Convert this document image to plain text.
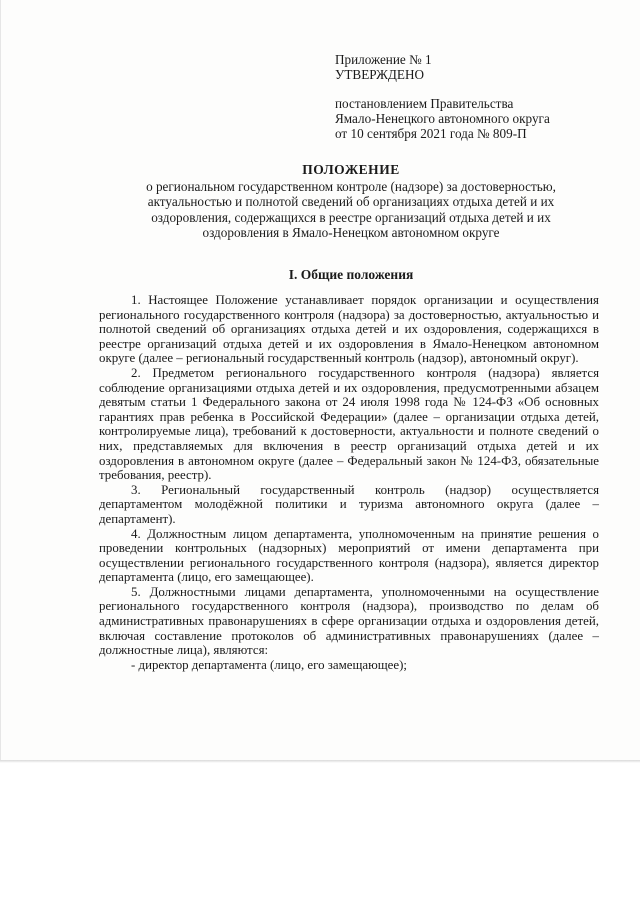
Приложение № 1
УТВЕРЖДЕНО
постановлением Правительства
Ямало-Ненецкого автономного округа
от 10 сентября 2021 года № 809-П
ПОЛОЖЕНИЕ
о региональном государственном контроле (надзоре) за достоверностью,
актуальностью и полнотой сведений об организациях отдыха детей и их
оздоровления, содержащихся в реестре организаций отдыха детей и их
оздоровления в Ямало-Ненецком автономном округе
I. Общие положения

1. Настоящее Положение устанавливает порядок организации и осуществления регионального государственного контроля (надзора) за достоверностью, актуальностью и полнотой сведений об организациях отдыха детей и их оздоровления, содержащихся в реестре организаций отдыха детей и их оздоровления в Ямало-Ненецком автономном округе (далее – региональный государственный контроль (надзор), автономный округ).

2. Предметом регионального государственного контроля (надзора) является соблюдение организациями отдыха детей и их оздоровления, предусмотренными абзацем девятым статьи 1 Федерального закона от 24 июля 1998 года № 124-ФЗ «Об основных гарантиях прав ребенка в Российской Федерации» (далее – организации отдыха детей, контролируемые лица), требований к достоверности, актуальности и полноте сведений о них, представляемых для включения в реестр организаций отдыха детей и их оздоровления в автономном округе (далее – Федеральный закон № 124-ФЗ, обязательные требования, реестр).

3. Региональный государственный контроль (надзор) осуществляется департаментом молодёжной политики и туризма автономного округа (далее – департамент).

4. Должностным лицом департамента, уполномоченным на принятие решения о проведении контрольных (надзорных) мероприятий от имени департамента при осуществлении регионального государственного контроля (надзора), является директор департамента (лицо, его замещающее).

5. Должностными лицами департамента, уполномоченными на осуществление регионального государственного контроля (надзора), производство по делам об административных правонарушениях в сфере организации отдыха и оздоровления детей, включая составление протоколов об административных правонарушениях (далее – должностные лица), являются:

- директор департамента (лицо, его замещающее);
